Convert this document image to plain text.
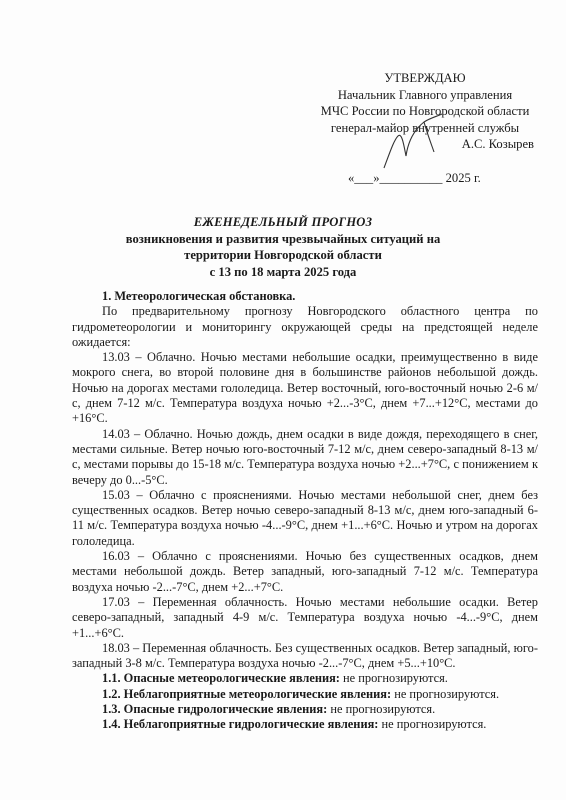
УТВЕРЖДАЮ
Начальник Главного управления
МЧС России по Новгородской области
генерал-майор внутренней службы
А.С. Козырев
«___»__________ 2025 г.
ЕЖЕНЕДЕЛЬНЫЙ ПРОГНОЗ
возникновения и развития чрезвычайных ситуаций на
территории Новгородской области
с 13 по 18 марта 2025 года

1. Метеорологическая обстановка.

По предварительному прогнозу Новгородского областного центра по гидрометеорологии и мониторингу окружающей среды на предстоящей неделе ожидается:

13.03 – Облачно. Ночью местами небольшие осадки, преимущественно в виде мокрого снега, во второй половине дня в большинстве районов небольшой дождь. Ночью на дорогах местами гололедица. Ветер восточный, юго-восточный ночью 2-6 м/с, днем 7-12 м/с. Температура воздуха ночью +2...-3°С, днем +7...+12°С, местами до +16°С.

14.03 – Облачно. Ночью дождь, днем осадки в виде дождя, переходящего в снег, местами сильные. Ветер ночью юго-восточный 7-12 м/с, днем северо-западный 8-13 м/с, местами порывы до 15-18 м/с. Температура воздуха ночью +2...+7°С, с понижением к вечеру до 0...-5°С.

15.03 – Облачно с прояснениями. Ночью местами небольшой снег, днем без существенных осадков. Ветер ночью северо-западный 8-13 м/с, днем юго-западный 6-11 м/с. Температура воздуха ночью -4...-9°С, днем +1...+6°С. Ночью и утром на дорогах гололедица.

16.03 – Облачно с прояснениями. Ночью без существенных осадков, днем местами небольшой дождь. Ветер западный, юго-западный 7-12 м/с. Температура воздуха ночью -2...-7°С, днем +2...+7°С.

17.03 – Переменная облачность. Ночью местами небольшие осадки. Ветер северо-западный, западный 4-9 м/с. Температура воздуха ночью -4...-9°С, днем +1...+6°С.

18.03 – Переменная облачность. Без существенных осадков. Ветер западный, юго-западный 3-8 м/с. Температура воздуха ночью -2...-7°С, днем +5...+10°С.

1.1. Опасные метеорологические явления: не прогнозируются.

1.2. Неблагоприятные метеорологические явления: не прогнозируются.

1.3. Опасные гидрологические явления: не прогнозируются.

1.4. Неблагоприятные гидрологические явления: не прогнозируются.
